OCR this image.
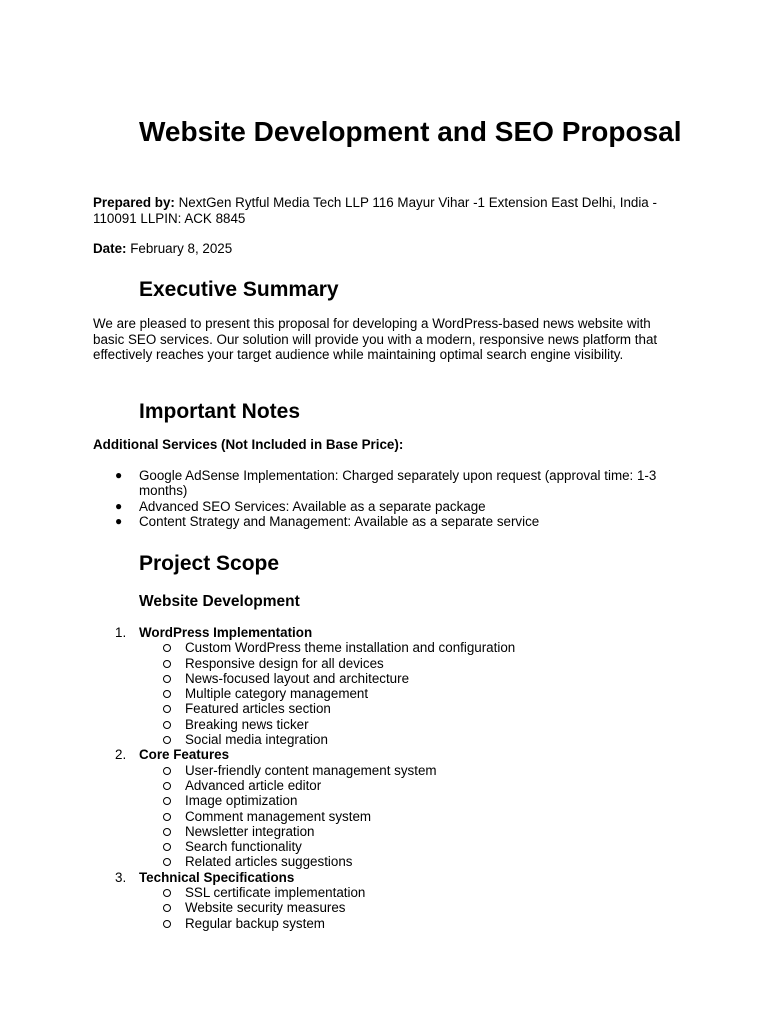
Website Development and SEO Proposal

Prepared by: NextGen Rytful Media Tech LLP 116 Mayur Vihar -1 Extension East Delhi, India - 110091 LLPIN: ACK 8845

Date: February 8, 2025

Executive Summary

We are pleased to present this proposal for developing a WordPress-based news website with basic SEO services. Our solution will provide you with a modern, responsive news platform that effectively reaches your target audience while maintaining optimal search engine visibility.

Important Notes

Additional Services (Not Included in Base Price):

● Google AdSense Implementation: Charged separately upon request (approval time: 1-3 months)
● Advanced SEO Services: Available as a separate package
● Content Strategy and Management: Available as a separate service
Project Scope
Website Development
1. WordPress Implementation
Custom WordPress theme installation and configuration
Responsive design for all devices
News-focused layout and architecture
Multiple category management
Featured articles section
Breaking news ticker
Social media integration
2. Core Features
User-friendly content management system
Advanced article editor
Image optimization
Comment management system
Newsletter integration
Search functionality
Related articles suggestions
3. Technical Specifications
SSL certificate implementation
Website security measures
Regular backup system
